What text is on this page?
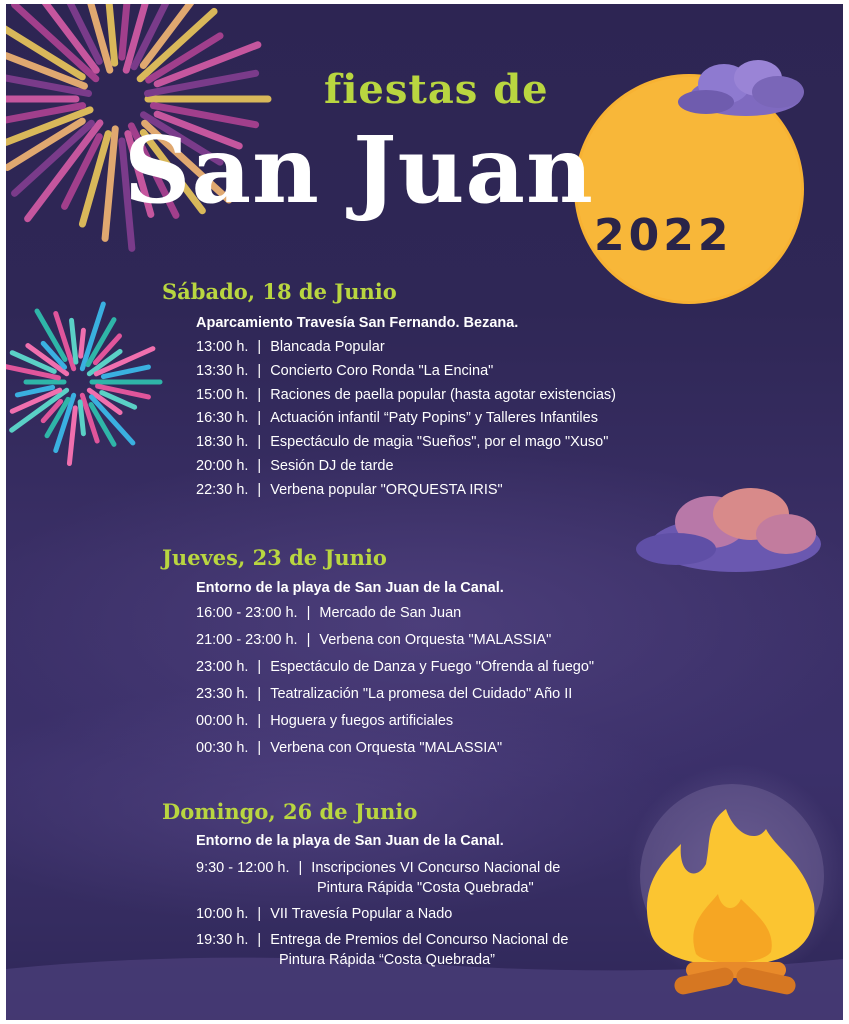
fiestas de
San Juan
2022
Sábado, 18 de Junio
Aparcamiento Travesía San Fernando. Bezana.
13:00 h. | Blancada Popular
13:30 h. | Concierto Coro Ronda "La Encina"
15:00 h. | Raciones de paella popular (hasta agotar existencias)
16:30 h. | Actuación infantil “Paty Popins” y Talleres Infantiles
18:30 h. | Espectáculo de magia "Sueños", por el mago "Xuso"
20:00 h. | Sesión DJ de tarde
22:30 h. | Verbena popular "ORQUESTA IRIS"
Jueves, 23 de Junio
Entorno de la playa de San Juan de la Canal.
16:00 - 23:00 h. | Mercado de San Juan
21:00 - 23:00 h. | Verbena con Orquesta "MALASSIA"
23:00 h. | Espectáculo de Danza y Fuego "Ofrenda al fuego"
23:30 h. | Teatralización "La promesa del Cuidado" Año II
00:00 h. | Hoguera y fuegos artificiales
00:30 h. | Verbena con Orquesta "MALASSIA"
Domingo, 26 de Junio
Entorno de la playa de San Juan de la Canal.
9:30 - 12:00 h. | Inscripciones VI Concurso Nacional de
Pintura Rápida "Costa Quebrada"
10:00 h. | VII Travesía Popular a Nado
19:30 h. | Entrega de Premios del Concurso Nacional de
Pintura Rápida “Costa Quebrada”
